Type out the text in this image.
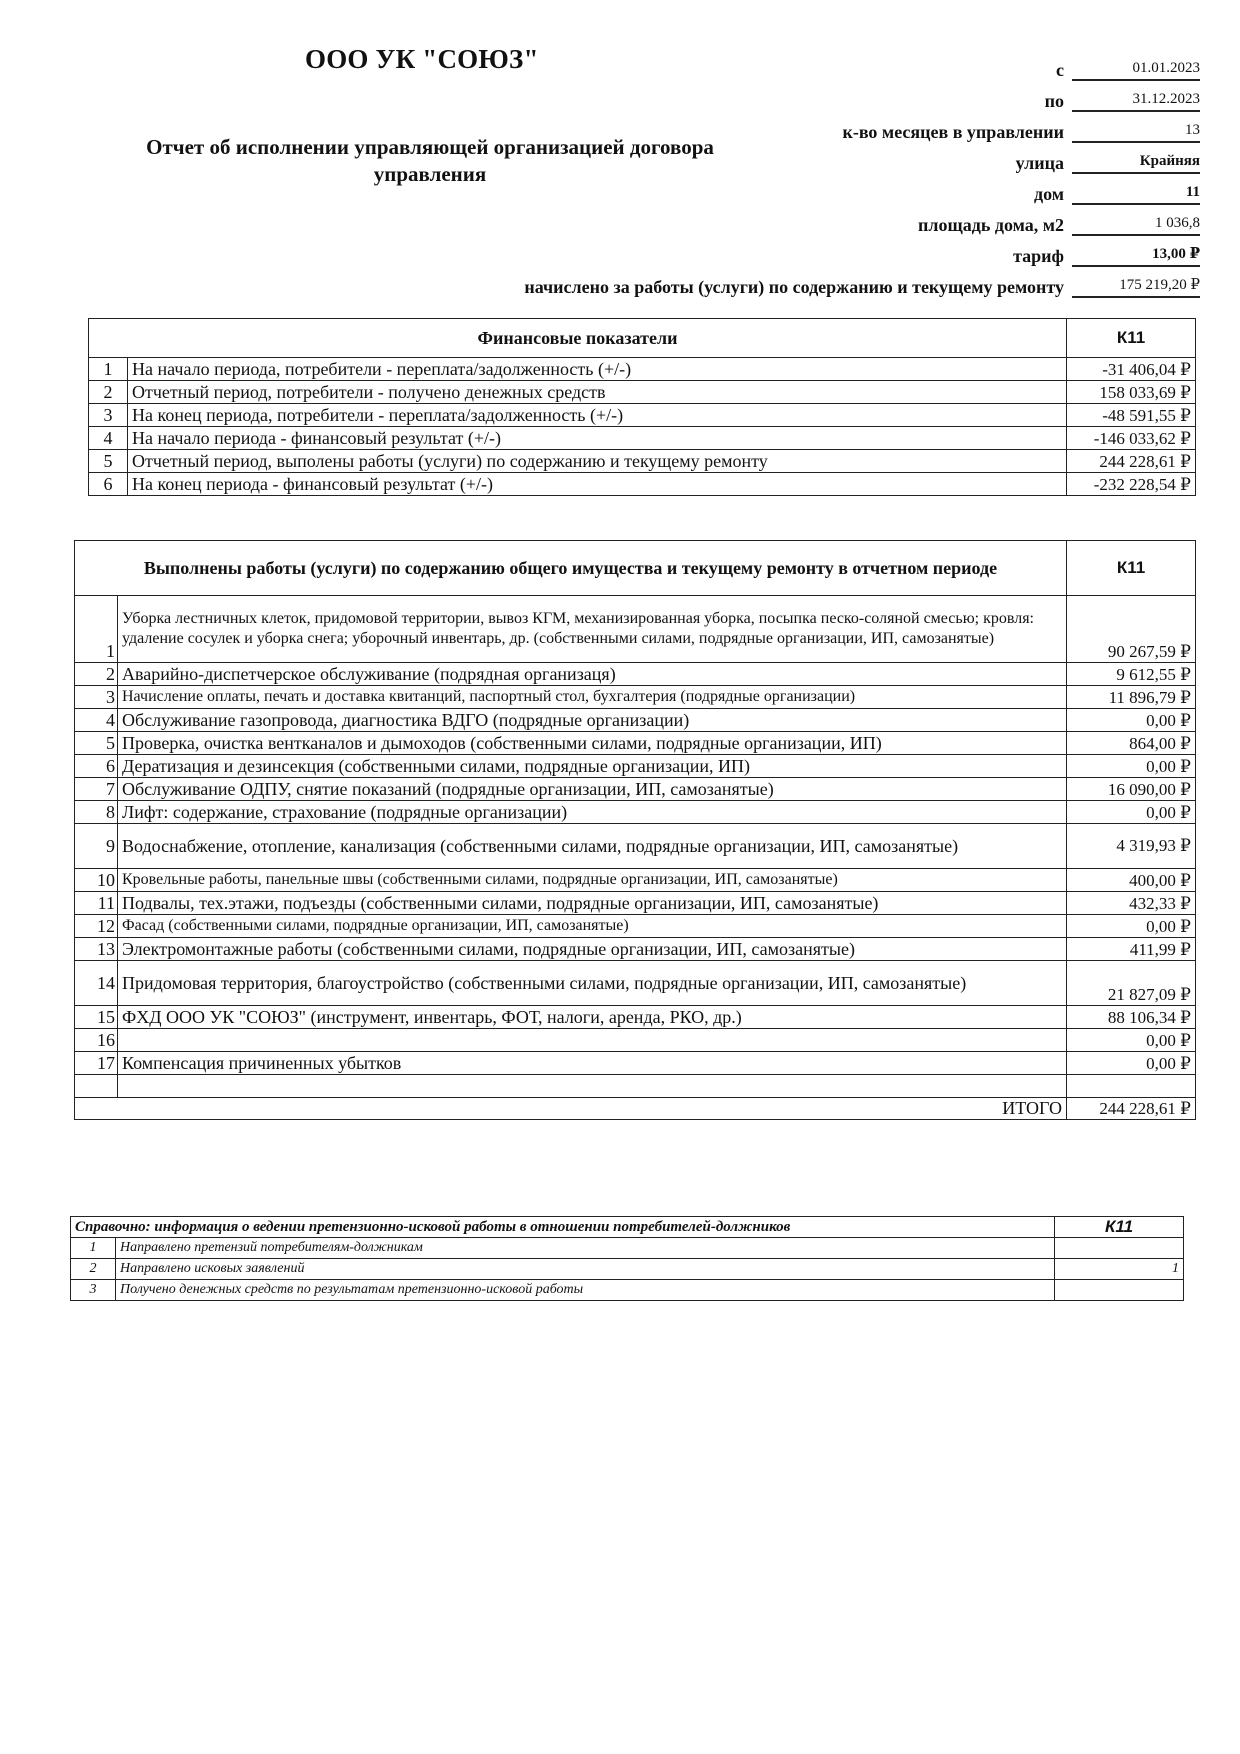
ООО УК "СОЮЗ"
Отчет об исполнении управляющей организацией договора управления
с	01.01.2023
по	31.12.2023
к-во месяцев в управлении	13
улица	Крайняя
дом	11
площадь дома, м2	1 036,8
тариф	13,00 ₽
начислено за работы (услуги) по содержанию и текущему ремонту	175 219,20 ₽
Финансовые показатели		К11
1	На начало периода, потребители - переплата/задолженность (+/-)	-31 406,04 ₽
2	Отчетный период, потребители - получено денежных средств	158 033,69 ₽
3	На конец периода, потребители - переплата/задолженность (+/-)	-48 591,55 ₽
4	На начало периода - финансовый результат (+/-)	-146 033,62 ₽
5	Отчетный период, выполены работы (услуги) по содержанию и текущему ремонту	244 228,61 ₽
6	На конец периода - финансовый результат (+/-)	-232 228,54 ₽
Выполнены работы (услуги) по содержанию общего имущества и текущему ремонту в отчетном периоде		К11
1	Уборка лестничных клеток, придомовой территории, вывоз КГМ, механизированная уборка, посыпка песко-соляной смесью; кровля: удаление сосулек и уборка снега; уборочный инвентарь, др. (собственными силами, подрядные организации, ИП, самозанятые)	90 267,59 ₽
2	Аварийно-диспетчерское обслуживание (подрядная организаця)	9 612,55 ₽
3	Начисление оплаты, печать и доставка квитанций, паспортный стол, бухгалтерия (подрядные организации)	11 896,79 ₽
4	Обслуживание газопровода, диагностика ВДГО (подрядные организации)	0,00 ₽
5	Проверка, очистка вентканалов и дымоходов (собственными силами, подрядные организации, ИП)	864,00 ₽
6	Дератизация и дезинсекция (собственными силами, подрядные организации, ИП)	0,00 ₽
7	Обслуживание ОДПУ, снятие показаний (подрядные организации, ИП, самозанятые)	16 090,00 ₽
8	Лифт: содержание, страхование (подрядные организации)	0,00 ₽
9	Водоснабжение, отопление, канализация (собственными силами, подрядные организации, ИП, самозанятые)	4 319,93 ₽
10	Кровельные работы, панельные швы (собственными силами, подрядные организации, ИП, самозанятые)	400,00 ₽
11	Подвалы, тех.этажи, подъезды (собственными силами, подрядные организации, ИП, самозанятые)	432,33 ₽
12	Фасад (собственными силами, подрядные организации, ИП, самозанятые)	0,00 ₽
13	Электромонтажные работы (собственными силами, подрядные организации, ИП, самозанятые)	411,99 ₽
14	Придомовая территория, благоустройство (собственными силами, подрядные организации, ИП, самозанятые)	21 827,09 ₽
15	ФХД ООО УК "СОЮЗ" (инструмент, инвентарь, ФОТ, налоги, аренда, РКО, др.)	88 106,34 ₽
16		0,00 ₽
17	Компенсация причиненных убытков	0,00 ₽

ИТОГО		244 228,61 ₽
Справочно: информация о ведении претензионно-исковой работы в отношении потребителей-должников		К11
1	Направлено претензий потребителям-должникам	
2	Направлено исковых заявлений	1
3	Получено денежных средств по результатам претензионно-исковой работы	
